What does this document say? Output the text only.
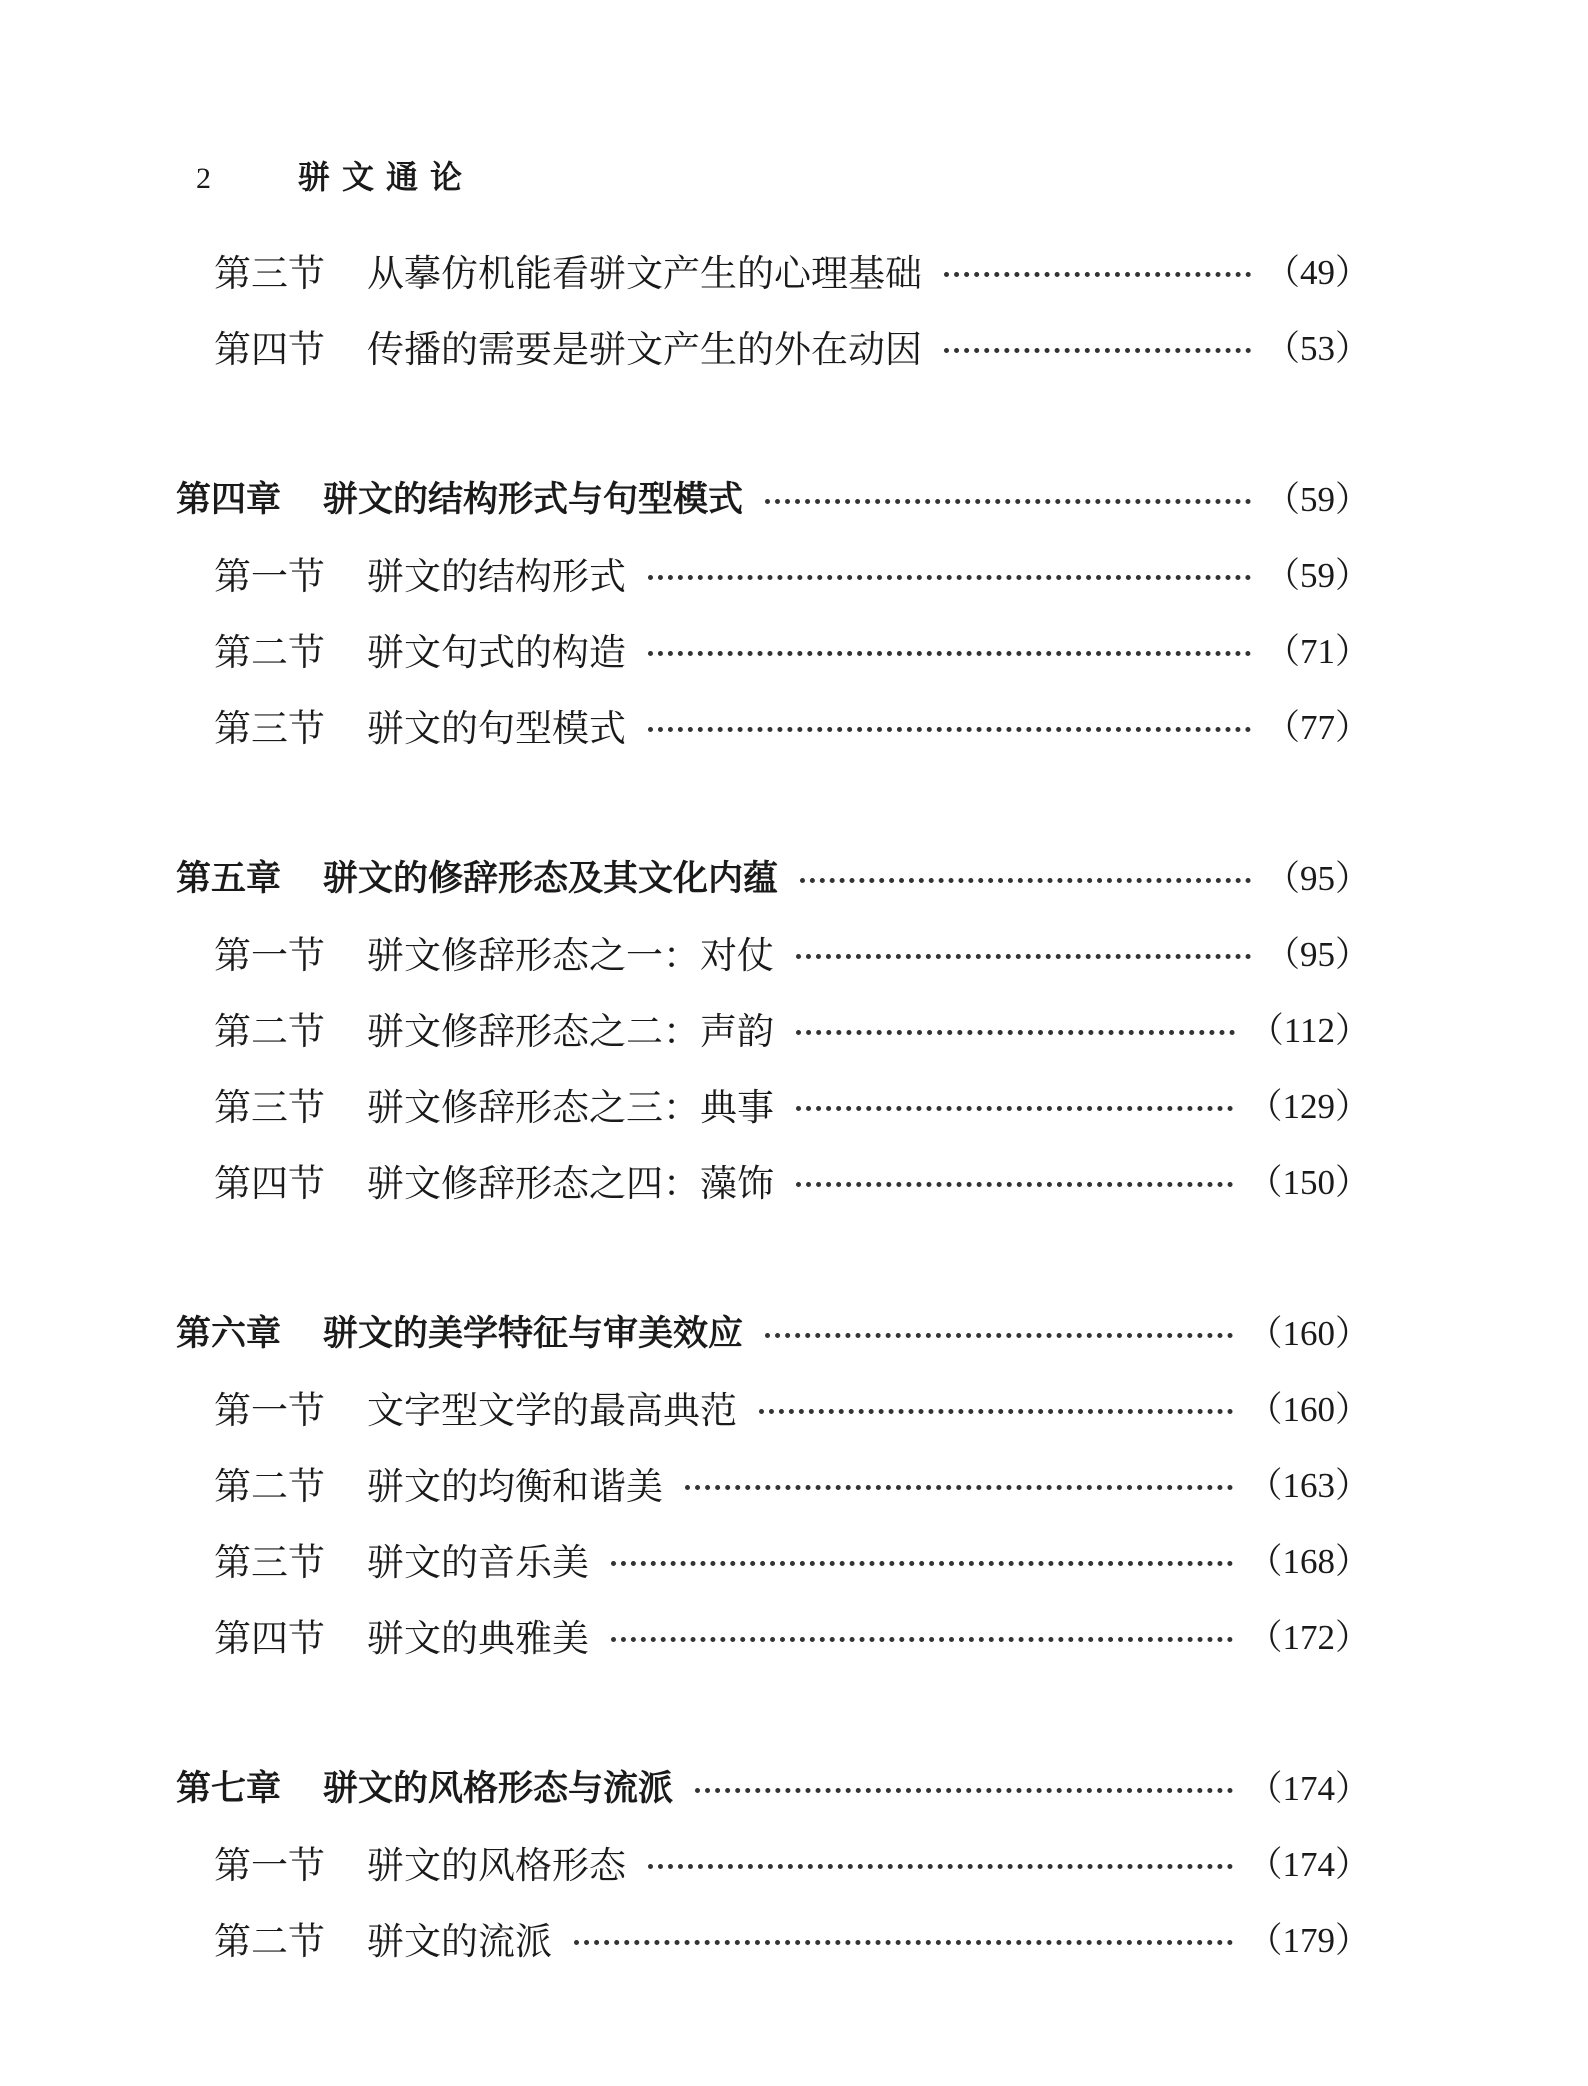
2	骈文通论
第三节 从摹仿机能看骈文产生的心理基础	（49）
第四节 传播的需要是骈文产生的外在动因	（53）
第四章 骈文的结构形式与句型模式	（59）
第一节 骈文的结构形式	（59）
第二节 骈文句式的构造	（71）
第三节 骈文的句型模式	（77）
第五章 骈文的修辞形态及其文化内蕴	（95）
第一节 骈文修辞形态之一：对仗	（95）
第二节 骈文修辞形态之二：声韵	（112）
第三节 骈文修辞形态之三：典事	（129）
第四节 骈文修辞形态之四：藻饰	（150）
第六章 骈文的美学特征与审美效应	（160）
第一节 文字型文学的最高典范	（160）
第二节 骈文的均衡和谐美	（163）
第三节 骈文的音乐美	（168）
第四节 骈文的典雅美	（172）
第七章 骈文的风格形态与流派	（174）
第一节 骈文的风格形态	（174）
第二节 骈文的流派	（179）
